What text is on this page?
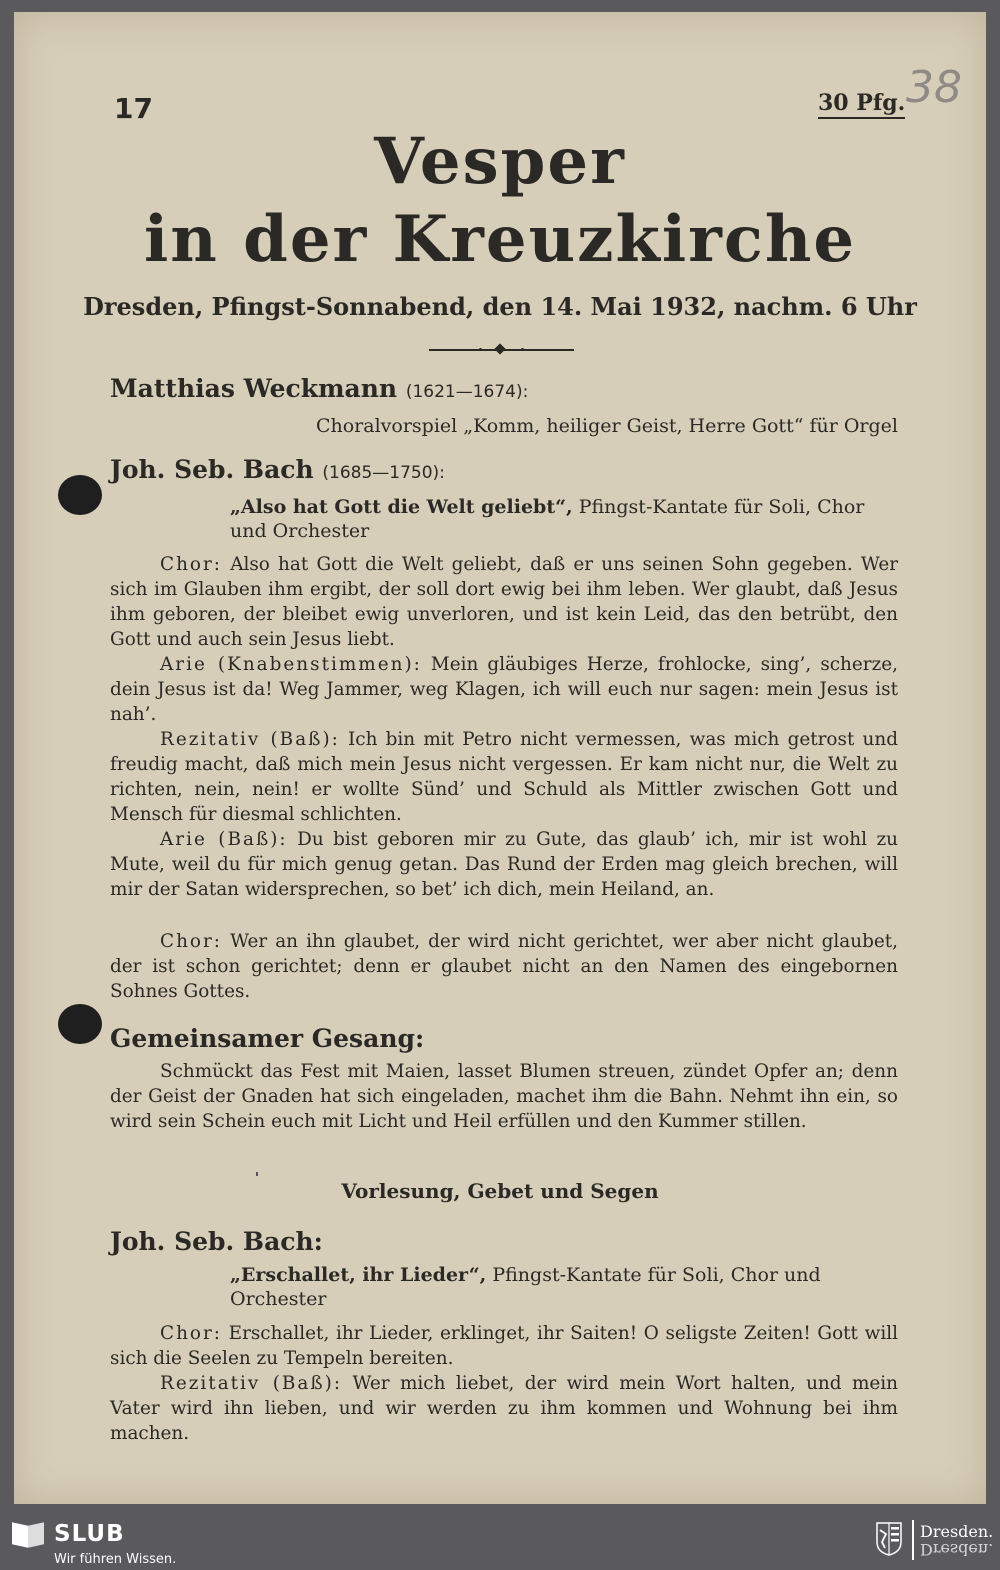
17	30 Pfg. 38
Vesper
in der Kreuzkirche
Dresden, Pfingst-Sonnabend, den 14. Mai 1932, nachm. 6 Uhr
Matthias Weckmann (1621—1674):
Choralvorspiel „Komm, heiliger Geist, Herre Gott“ für Orgel
Joh. Seb. Bach (1685—1750):
„Also hat Gott die Welt geliebt“, Pfingst-Kantate für Soli, Chor und Orchester
Chor: Also hat Gott die Welt geliebt, daß er uns seinen Sohn gegeben. Wer sich im Glauben ihm ergibt, der soll dort ewig bei ihm leben. Wer glaubt, daß Jesus ihm geboren, der bleibet ewig unverloren, und ist kein Leid, das den betrübt, den Gott und auch sein Jesus liebt.
Arie (Knabenstimmen): Mein gläubiges Herze, frohlocke, sing’, scherze, dein Jesus ist da! Weg Jammer, weg Klagen, ich will euch nur sagen: mein Jesus ist nah’.
Rezitativ (Baß): Ich bin mit Petro nicht vermessen, was mich getrost und freudig macht, daß mich mein Jesus nicht vergessen. Er kam nicht nur, die Welt zu richten, nein, nein! er wollte Sünd’ und Schuld als Mittler zwischen Gott und Mensch für diesmal schlichten.
Arie (Baß): Du bist geboren mir zu Gute, das glaub’ ich, mir ist wohl zu Mute, weil du für mich genug getan. Das Rund der Erden mag gleich brechen, will mir der Satan widersprechen, so bet’ ich dich, mein Heiland, an.
Chor: Wer an ihn glaubet, der wird nicht gerichtet, wer aber nicht glaubet, der ist schon gerichtet; denn er glaubet nicht an den Namen des eingebornen Sohnes Gottes.
Gemeinsamer Gesang:
Schmückt das Fest mit Maien, lasset Blumen streuen, zündet Opfer an; denn der Geist der Gnaden hat sich eingeladen, machet ihm die Bahn. Nehmt ihn ein, so wird sein Schein euch mit Licht und Heil erfüllen und den Kummer stillen.
Vorlesung, Gebet und Segen
Joh. Seb. Bach:
„Erschallet, ihr Lieder“, Pfingst-Kantate für Soli, Chor und Orchester
Chor: Erschallet, ihr Lieder, erklinget, ihr Saiten! O seligste Zeiten! Gott will sich die Seelen zu Tempeln bereiten.
Rezitativ (Baß): Wer mich liebet, der wird mein Wort halten, und mein Vater wird ihn lieben, und wir werden zu ihm kommen und Wohnung bei ihm machen.
SLUB
Wir führen Wissen.
Dresden.
Dresden.
